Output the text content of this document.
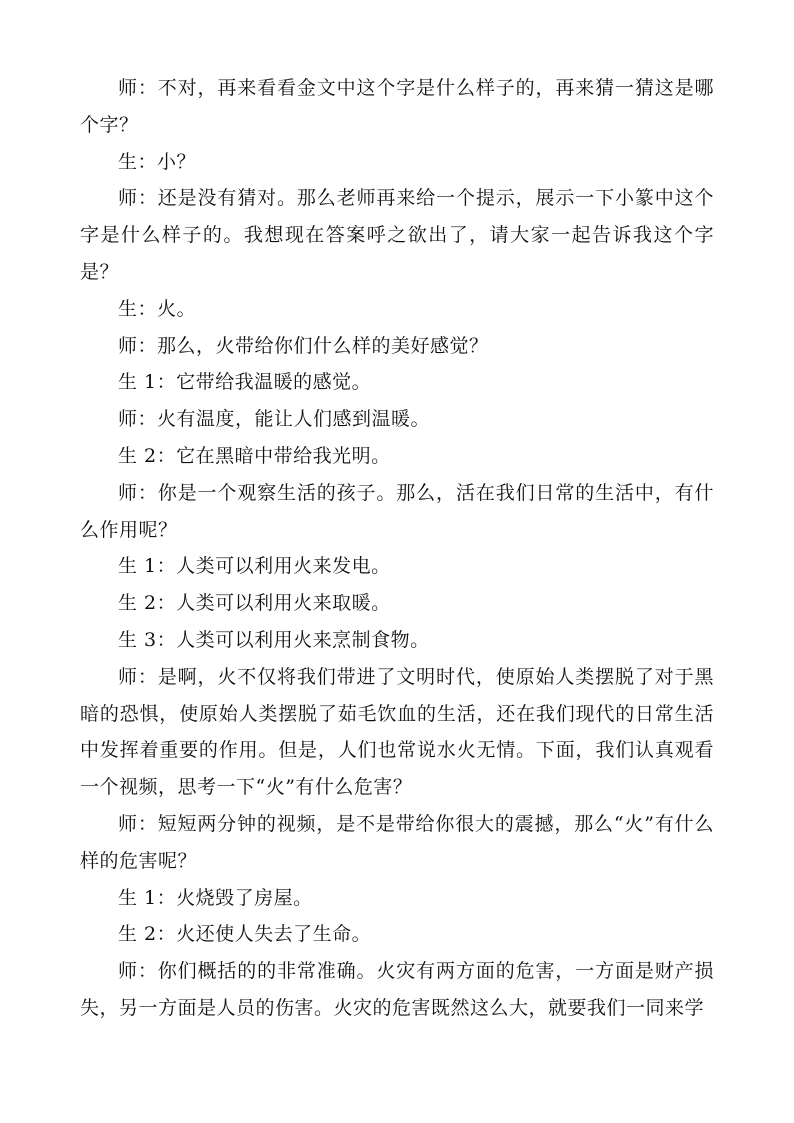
师：不对，再来看看金文中这个字是什么样子的，再来猜一猜这是哪个字？

生：小？

师：还是没有猜对。那么老师再来给一个提示，展示一下小篆中这个字是什么样子的。我想现在答案呼之欲出了，请大家一起告诉我这个字是？

生：火。

师：那么，火带给你们什么样的美好感觉？

生 1：它带给我温暖的感觉。

师：火有温度，能让人们感到温暖。

生 2：它在黑暗中带给我光明。

师：你是一个观察生活的孩子。那么，活在我们日常的生活中，有什么作用呢？

生 1：人类可以利用火来发电。

生 2：人类可以利用火来取暖。

生 3：人类可以利用火来烹制食物。

师：是啊，火不仅将我们带进了文明时代，使原始人类摆脱了对于黑暗的恐惧，使原始人类摆脱了茹毛饮血的生活，还在我们现代的日常生活中发挥着重要的作用。但是，人们也常说水火无情。下面，我们认真观看一个视频，思考一下“火”有什么危害？

师：短短两分钟的视频，是不是带给你很大的震撼，那么“火”有什么样的危害呢？

生 1：火烧毁了房屋。

生 2：火还使人失去了生命。

师：你们概括的的非常准确。火灾有两方面的危害，一方面是财产损失，另一方面是人员的伤害。火灾的危害既然这么大，就要我们一同来学
